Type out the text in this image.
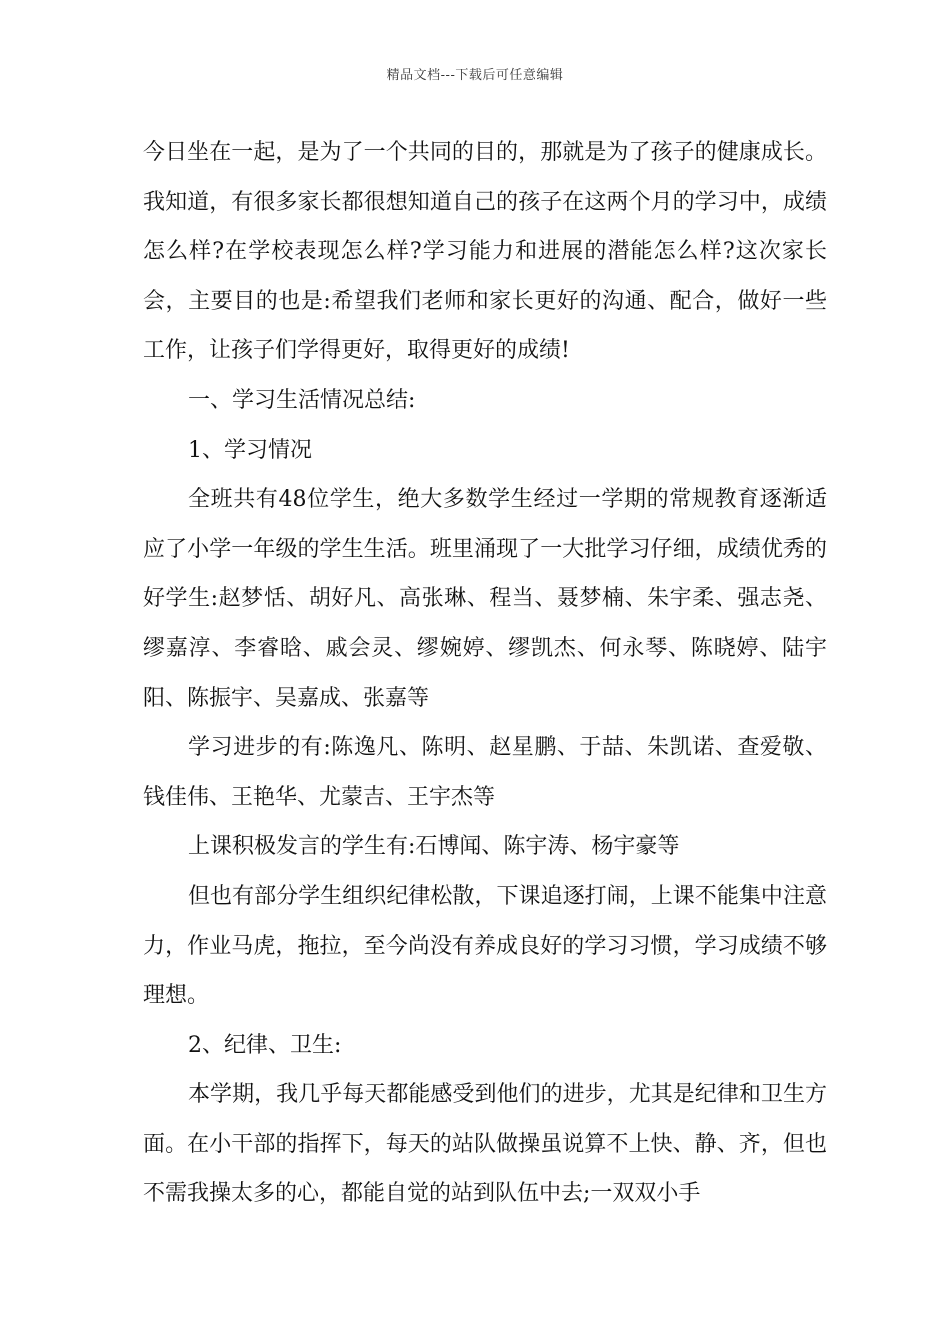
精品文档---下载后可任意编辑

今日坐在一起，是为了一个共同的目的，那就是为了孩子的健康成长。我知道，有很多家长都很想知道自己的孩子在这两个月的学习中，成绩怎么样?在学校表现怎么样?学习能力和进展的潜能怎么样?这次家长会，主要目的也是:希望我们老师和家长更好的沟通、配合，做好一些工作，让孩子们学得更好，取得更好的成绩!

一、学习生活情况总结:

1、学习情况

全班共有48位学生，绝大多数学生经过一学期的常规教育逐渐适应了小学一年级的学生生活。班里涌现了一大批学习仔细，成绩优秀的好学生:赵梦恬、胡好凡、高张琳、程当、聂梦楠、朱宇柔、强志尧、缪嘉淳、李睿晗、戚会灵、缪婉婷、缪凯杰、何永琴、陈晓婷、陆宇阳、陈振宇、吴嘉成、张嘉等

学习进步的有:陈逸凡、陈明、赵星鹏、于喆、朱凯诺、查爱敬、钱佳伟、王艳华、尤蒙吉、王宇杰等

上课积极发言的学生有:石博闻、陈宇涛、杨宇豪等

但也有部分学生组织纪律松散，下课追逐打闹，上课不能集中注意力，作业马虎，拖拉，至今尚没有养成良好的学习习惯，学习成绩不够理想。

2、纪律、卫生:

本学期，我几乎每天都能感受到他们的进步，尤其是纪律和卫生方面。在小干部的指挥下，每天的站队做操虽说算不上快、静、齐，但也不需我操太多的心，都能自觉的站到队伍中去;一双双小手
